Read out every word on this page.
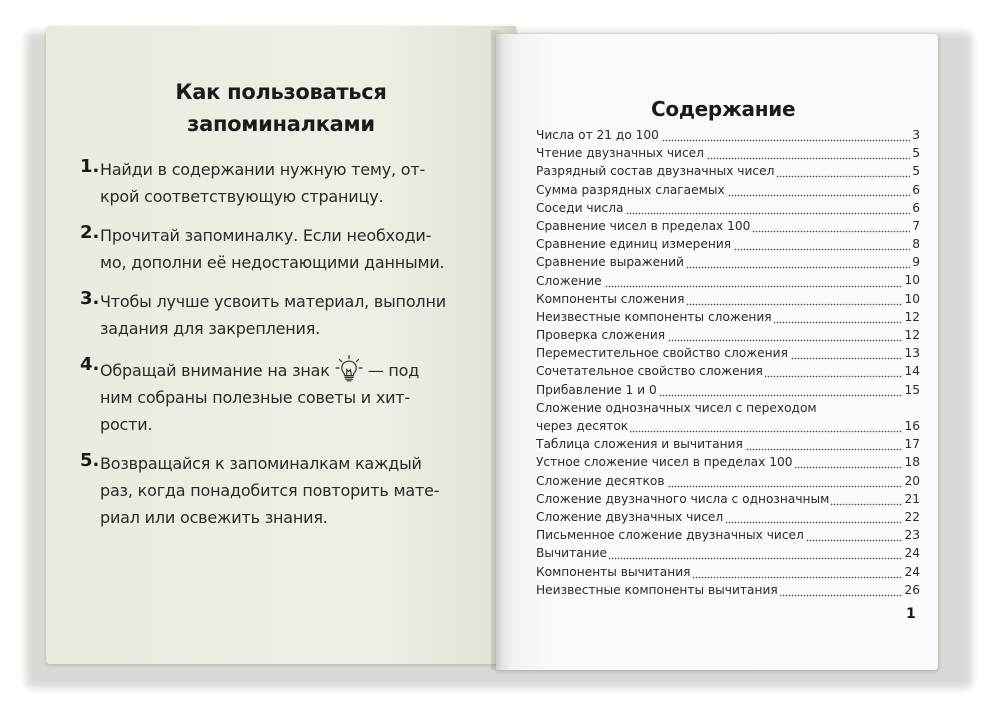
Как пользоваться
запоминалками
1. Найди в содержании нужную тему, от-
крой соответствующую страницу.
2. Прочитай запоминалку. Если необходи-
мо, дополни её недостающими данными.
3. Чтобы лучше усвоить материал, выполни
задания для закрепления.
4. Обращай внимание на знак — под
ним собраны полезные советы и хит-
рости.
5. Возвращайся к запоминалкам каждый
раз, когда понадобится повторить мате-
риал или освежить знания.
Содержание
Числа от 21 до 100	3
Чтение двузначных чисел	5
Разрядный состав двузначных чисел	5
Сумма разрядных слагаемых	6
Соседи числа	6
Сравнение чисел в пределах 100	7
Сравнение единиц измерения	8
Сравнение выражений	9
Сложение	10
Компоненты сложения	10
Неизвестные компоненты сложения	12
Проверка сложения	12
Переместительное свойство сложения	13
Сочетательное свойство сложения	14
Прибавление 1 и 0	15
Сложение однозначных чисел с переходом
через десяток	16
Таблица сложения и вычитания	17
Устное сложение чисел в пределах 100	18
Сложение десятков	20
Сложение двузначного числа с однозначным	21
Сложение двузначных чисел	22
Письменное сложение двузначных чисел	23
Вычитание	24
Компоненты вычитания	24
Неизвестные компоненты вычитания	26
1
